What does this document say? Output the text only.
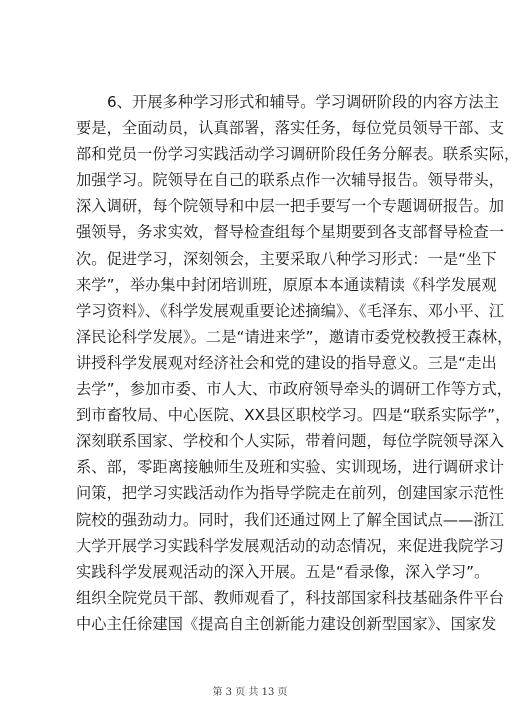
6、开展多种学习形式和辅导。学习调研阶段的内容方法主
要是，全面动员，认真部署，落实任务，每位党员领导干部、支
部和党员一份学习实践活动学习调研阶段任务分解表。联系实际，
加强学习。院领导在自己的联系点作一次辅导报告。领导带头，
深入调研，每个院领导和中层一把手要写一个专题调研报告。加
强领导，务求实效，督导检查组每个星期要到各支部督导检查一
次。促进学习，深刻领会，主要采取八种学习形式：一是“坐下
来学”，举办集中封闭培训班，原原本本通读精读《科学发展观
学习资料》、《科学发展观重要论述摘编》、《毛泽东、邓小平、江
泽民论科学发展》。二是“请进来学”，邀请市委党校教授王森林，
讲授科学发展观对经济社会和党的建设的指导意义。三是“走出
去学”，参加市委、市人大、市政府领导牵头的调研工作等方式，
到市畜牧局、中心医院、XX县区职校学习。四是“联系实际学”，
深刻联系国家、学校和个人实际，带着问题，每位学院领导深入
系、部，零距离接触师生及班和实验、实训现场，进行调研求计
问策，把学习实践活动作为指导学院走在前列，创建国家示范性
院校的强劲动力。同时，我们还通过网上了解全国试点——浙江
大学开展学习实践科学发展观活动的动态情况，来促进我院学习
实践科学发展观活动的深入开展。五是“看录像，深入学习”。
组织全院党员干部、教师观看了，科技部国家科技基础条件平台
中心主任徐建国《提高自主创新能力建设创新型国家》、国家发
第 3 页 共 13 页
